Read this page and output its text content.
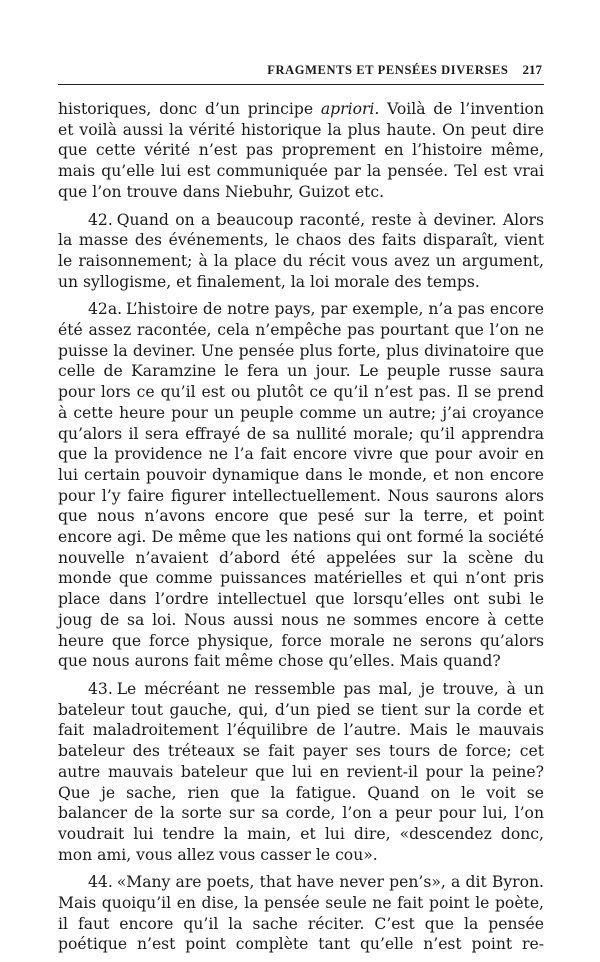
FRAGMENTS ET PENSÉES DIVERSES 217

historiques, donc d’un principe apriori. Voilà de l’invention et voilà aussi la vérité historique la plus haute. On peut dire que cette vérité n’est pas proprement en l’histoire même, mais qu’elle lui est communiquée par la pensée. Tel est vrai que l’on trouve dans Niebuhr, Guizot etc.

42. Quand on a beaucoup raconté, reste à deviner. Alors la masse des événements, le chaos des faits disparaît, vient le raisonnement; à la place du récit vous avez un argument, un syllogisme, et finalement, la loi morale des temps.

42a. L’histoire de notre pays, par exemple, n’a pas encore été assez racontée, cela n’empêche pas pourtant que l’on ne puisse la deviner. Une pensée plus forte, plus divinatoire que celle de Karamzine le fera un jour. Le peuple russe saura pour lors ce qu’il est ou plutôt ce qu’il n’est pas. Il se prend à cette heure pour un peuple comme un autre; j’ai croyance qu’alors il sera effrayé de sa nullité morale; qu’il apprendra que la providence ne l’a fait encore vivre que pour avoir en lui certain pouvoir dynamique dans le monde, et non encore pour l’y faire figurer intellectuellement. Nous saurons alors que nous n’avons encore que pesé sur la terre, et point encore agi. De même que les nations qui ont formé la société nouvelle n’avaient d’abord été appelées sur la scène du monde que comme puissances matérielles et qui n’ont pris place dans l’ordre intellectuel que lorsqu’elles ont subi le joug de sa loi. Nous aussi nous ne sommes encore à cette heure que force physique, force morale ne serons qu’alors que nous aurons fait même chose qu’elles. Mais quand?

43. Le mécréant ne ressemble pas mal, je trouve, à un bateleur tout gauche, qui, d’un pied se tient sur la corde et fait maladroitement l’équilibre de l’autre. Mais le mauvais bateleur des tréteaux se fait payer ses tours de force; cet autre mauvais bateleur que lui en revient-il pour la peine? Que je sache, rien que la fatigue. Quand on le voit se balancer de la sorte sur sa corde, l’on a peur pour lui, l’on voudrait lui tendre la main, et lui dire, «descendez donc, mon ami, vous allez vous casser le cou».

44. «Many are poets, that have never pen’s», a dit Byron. Mais quoiqu’il en dise, la pensée seule ne fait point le poète, il faut encore qu’il la sache réciter. C’est que la pensée poétique n’est point complète tant qu’elle n’est point re-
